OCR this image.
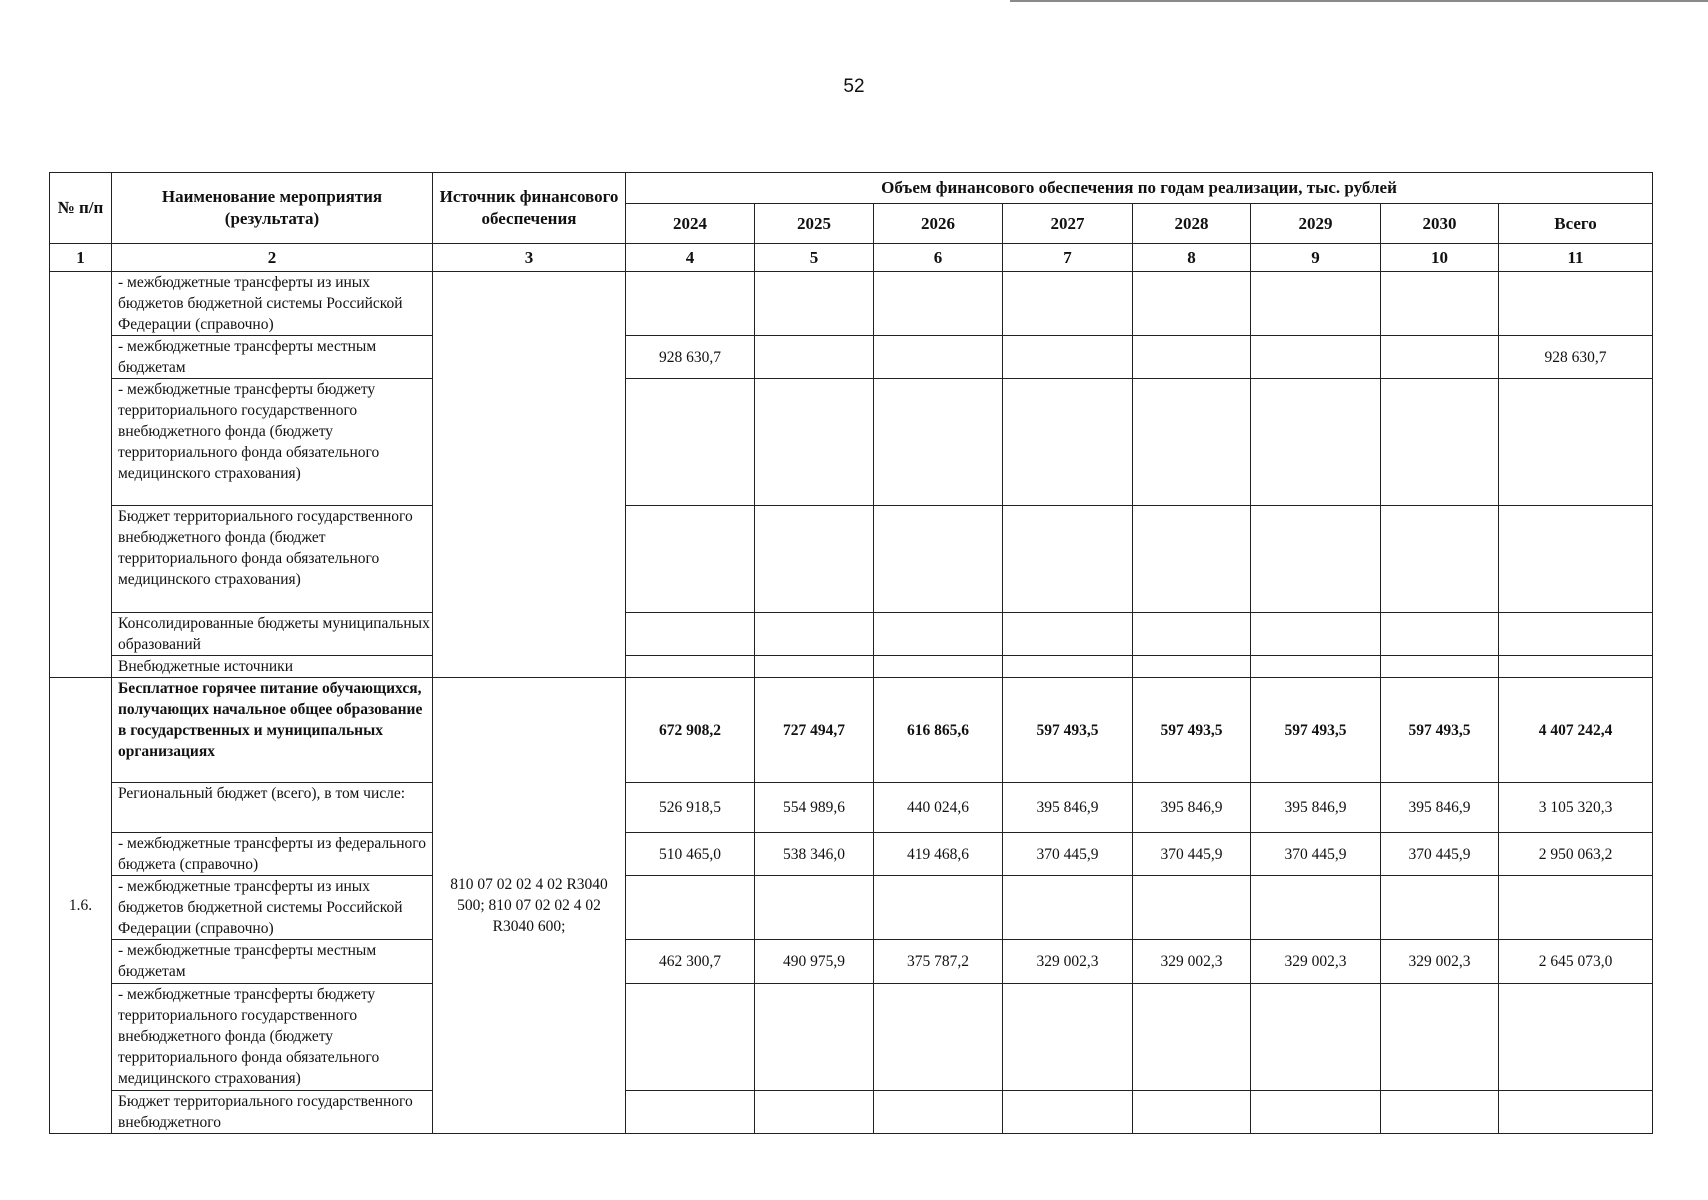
52
№ п/п	Наименование мероприятия (результата)	Источник финансового обеспечения	Объем финансового обеспечения по годам реализации, тыс. рублей							
			2024	2025	2026	2027	2028	2029	2030	Всего
1	2	3	4	5	6	7	8	9	10	11
	- межбюджетные трансферты из иных бюджетов бюджетной системы Российской Федерации (справочно)									
	- межбюджетные трансферты местным бюджетам		928 630,7							928 630,7
	- межбюджетные трансферты бюджету территориального государственного внебюджетного фонда (бюджету территориального фонда обязательного медицинского страхования)									
	Бюджет территориального государственного внебюджетного фонда (бюджет территориального фонда обязательного медицинского страхования)									
	Консолидированные бюджеты муниципальных образований									
	Внебюджетные источники									
1.6.	Бесплатное горячее питание обучающихся, получающих начальное общее образование в государственных и муниципальных организациях	810 07 02 02 4 02 R3040 500; 810 07 02 02 4 02 R3040 600;	672 908,2	727 494,7	616 865,6	597 493,5	597 493,5	597 493,5	597 493,5	4 407 242,4
	Региональный бюджет (всего), в том числе:		526 918,5	554 989,6	440 024,6	395 846,9	395 846,9	395 846,9	395 846,9	3 105 320,3
	- межбюджетные трансферты из федерального бюджета (справочно)		510 465,0	538 346,0	419 468,6	370 445,9	370 445,9	370 445,9	370 445,9	2 950 063,2
	- межбюджетные трансферты из иных бюджетов бюджетной системы Российской Федерации (справочно)									
	- межбюджетные трансферты местным бюджетам		462 300,7	490 975,9	375 787,2	329 002,3	329 002,3	329 002,3	329 002,3	2 645 073,0
	- межбюджетные трансферты бюджету территориального государственного внебюджетного фонда (бюджету территориального фонда обязательного медицинского страхования)									
	Бюджет территориального государственного внебюджетного									
